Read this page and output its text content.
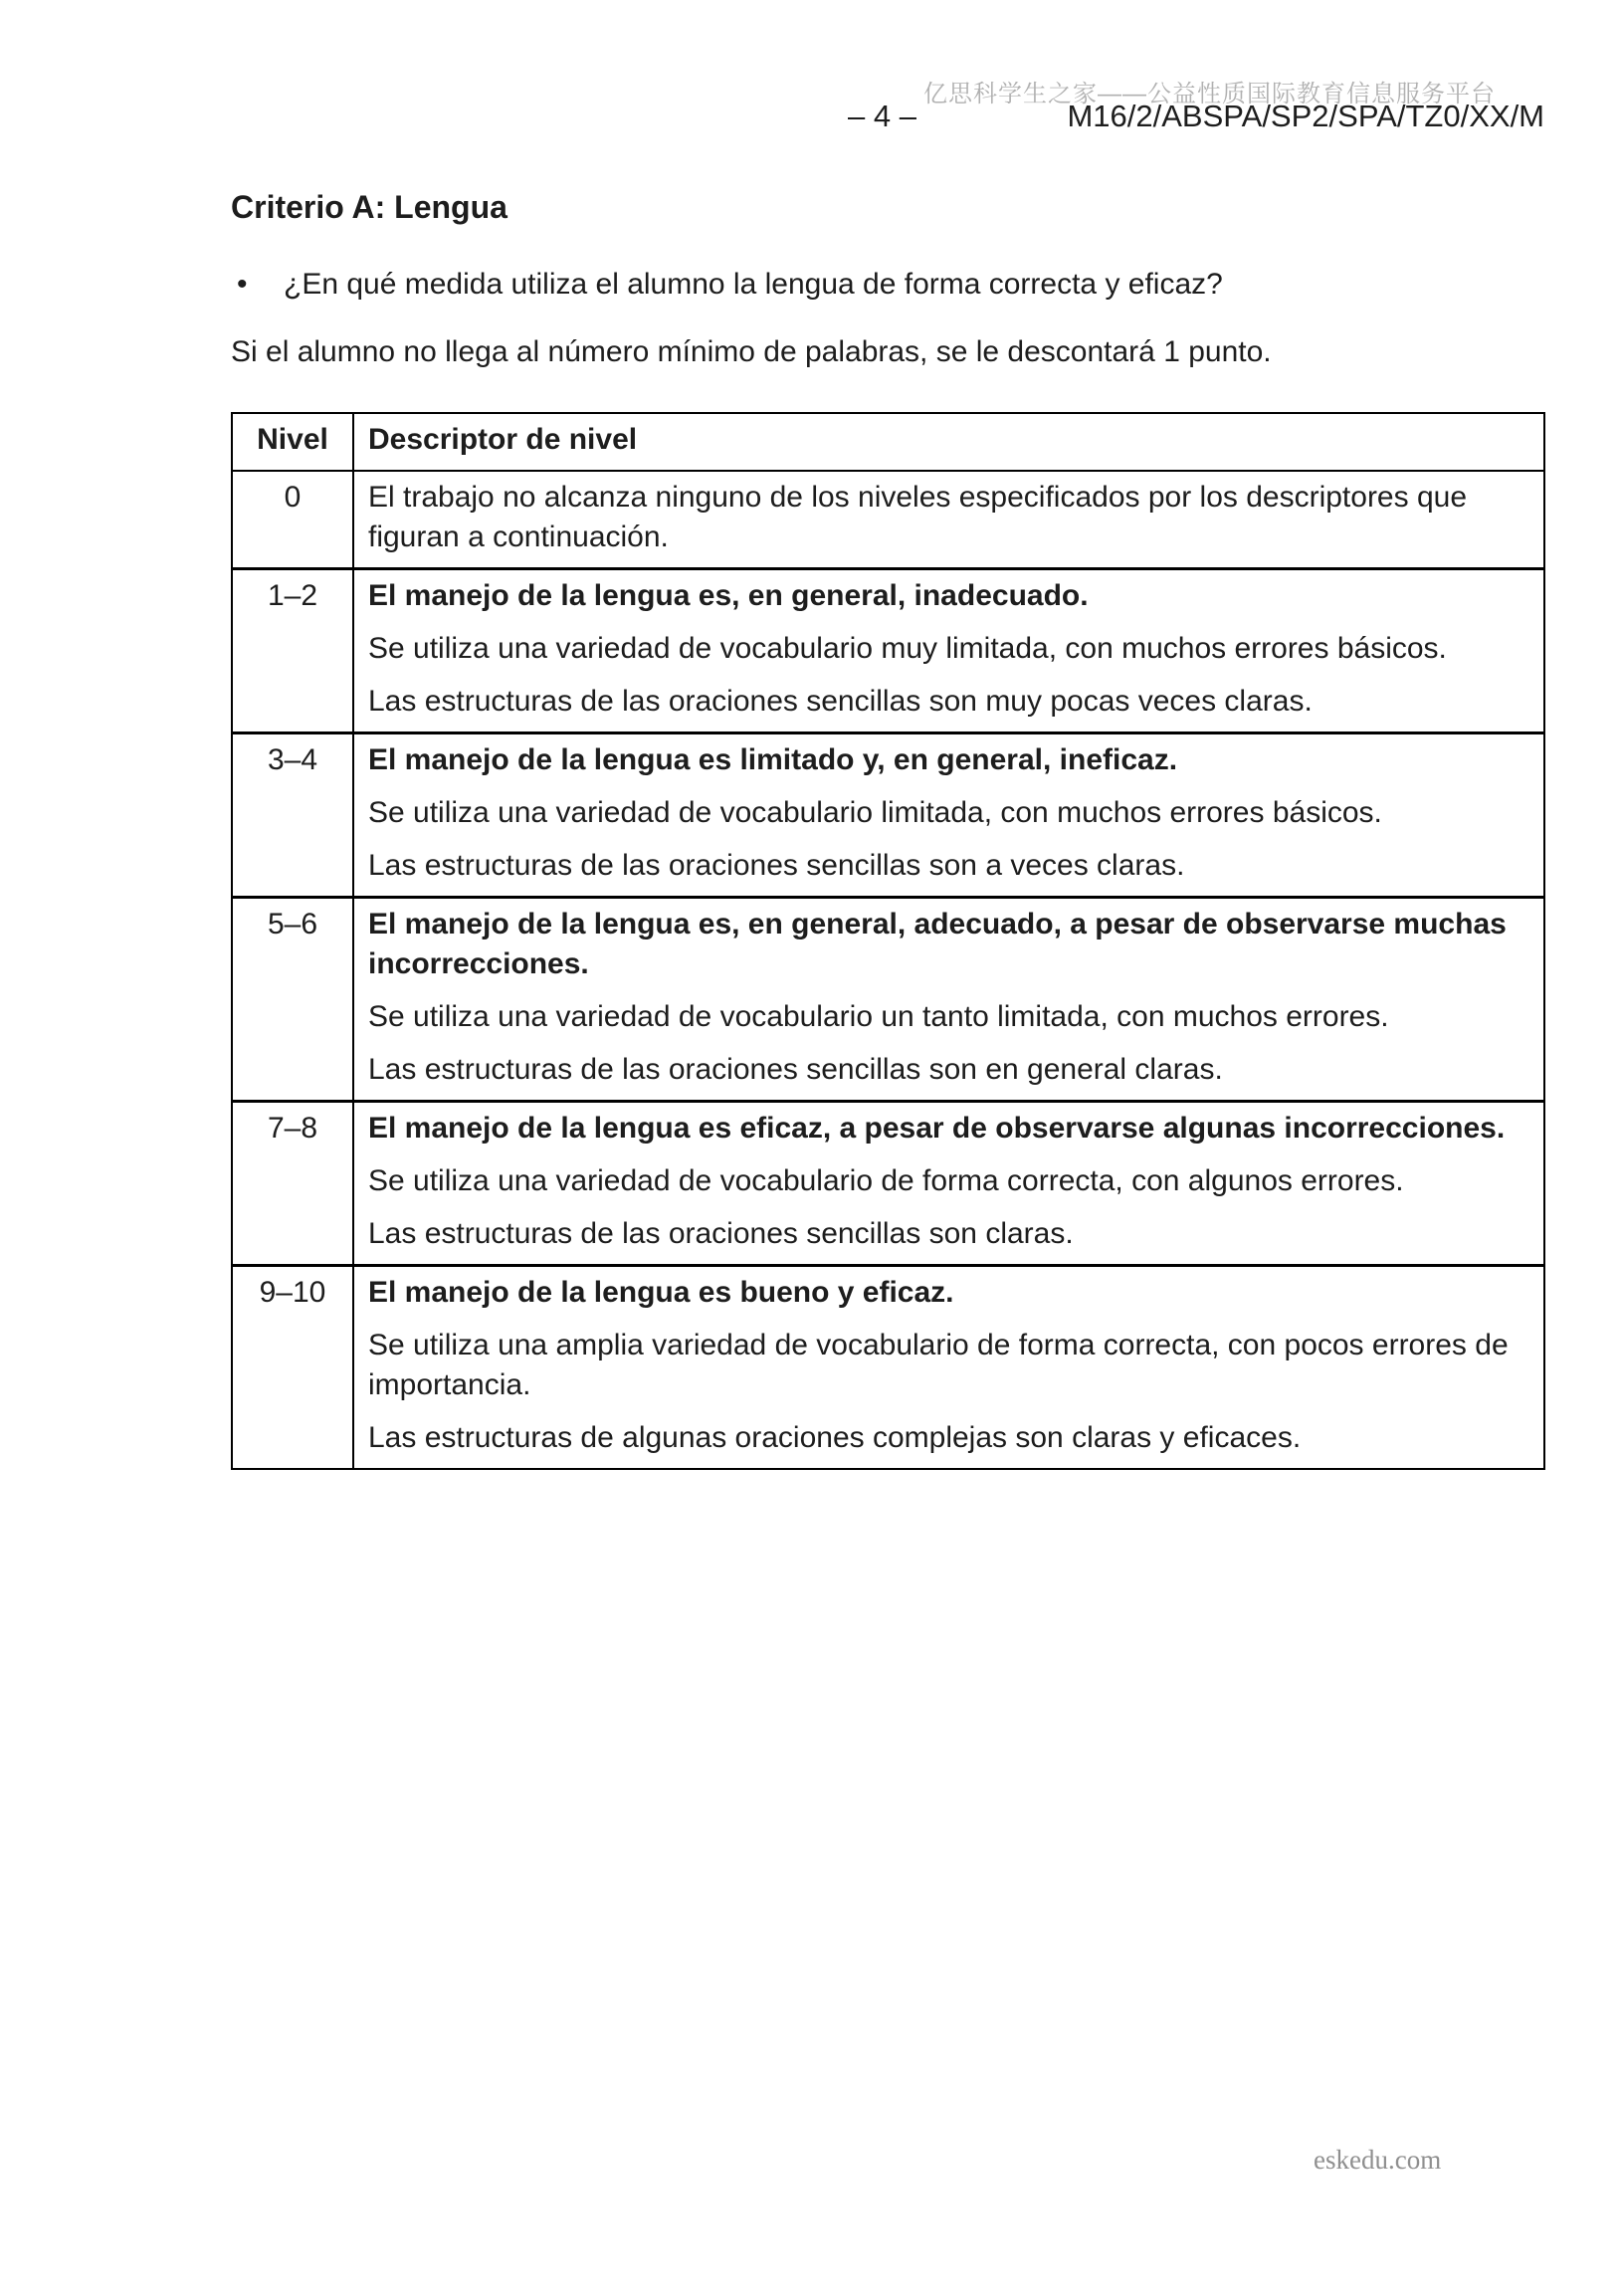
亿思科学生之家——公益性质国际教育信息服务平台
– 4 –	M16/2/ABSPA/SP2/SPA/TZ0/XX/M
Criterio A: Lengua
•	¿En qué medida utiliza el alumno la lengua de forma correcta y eficaz?
Si el alumno no llega al número mínimo de palabras, se le descontará 1 punto.
Nivel	Descriptor de nivel
0	El trabajo no alcanza ninguno de los niveles especificados por los descriptores que figuran a continuación.

1–2	El manejo de la lengua es, en general, inadecuado.

Se utiliza una variedad de vocabulario muy limitada, con muchos errores básicos.

Las estructuras de las oraciones sencillas son muy pocas veces claras.

3–4	El manejo de la lengua es limitado y, en general, ineficaz.

Se utiliza una variedad de vocabulario limitada, con muchos errores básicos.

Las estructuras de las oraciones sencillas son a veces claras.

5–6	El manejo de la lengua es, en general, adecuado, a pesar de observarse muchas incorrecciones.

Se utiliza una variedad de vocabulario un tanto limitada, con muchos errores.

Las estructuras de las oraciones sencillas son en general claras.

7–8	El manejo de la lengua es eficaz, a pesar de observarse algunas incorrecciones.

Se utiliza una variedad de vocabulario de forma correcta, con algunos errores.

Las estructuras de las oraciones sencillas son claras.

9–10	El manejo de la lengua es bueno y eficaz.

Se utiliza una amplia variedad de vocabulario de forma correcta, con pocos errores de importancia.

Las estructuras de algunas oraciones complejas son claras y eficaces.

eskedu.com
